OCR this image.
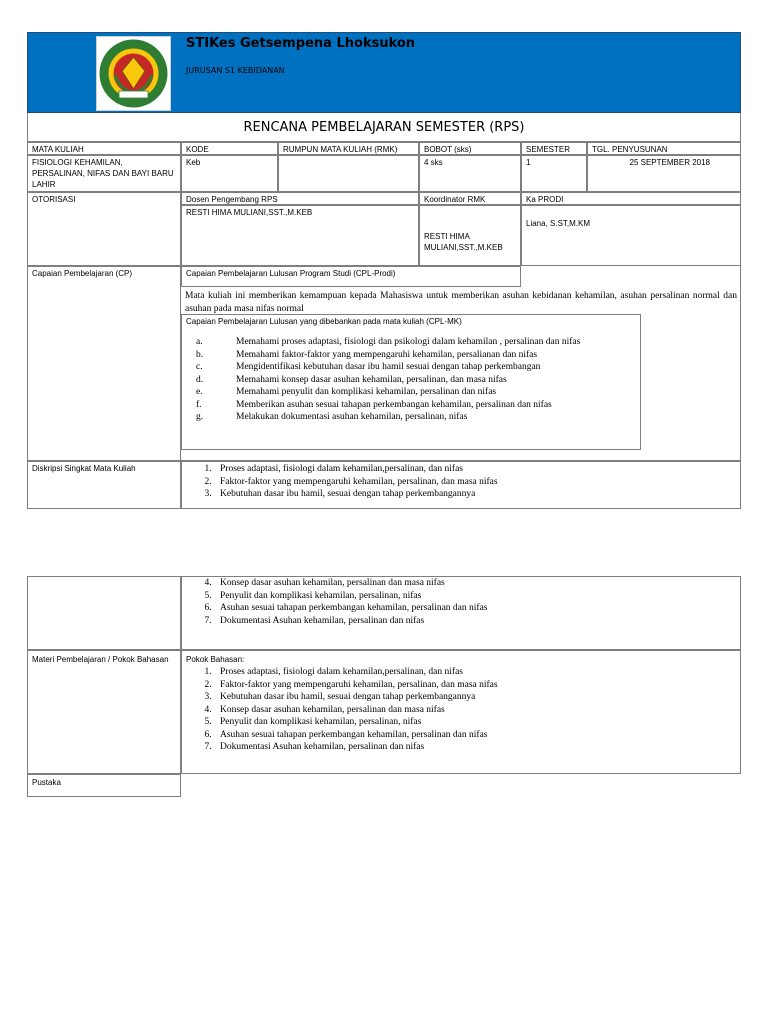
STIKes Getsempena Lhoksukon
JURUSAN S1 KEBIDANAN
RENCANA PEMBELAJARAN SEMESTER (RPS)
MATA KULIAH	KODE	RUMPUN MATA KULIAH (RMK)	BOBOT (sks)	SEMESTER	TGL. PENYUSUNAN
FISIOLOGI KEHAMILAN, PERSALINAN, NIFAS DAN BAYI BARU LAHIR
Keb	4 sks	1	25 SEPTEMBER 2018
OTORISASI	Dosen Pengembang RPS	Koordinator RMK	Ka PRODI
RESTI HIMA MULIANI,SST.,M.KEB
RESTI HIMA MULIANI,SST.,M.KEB
Liana, S.ST,M.KM
Capaian Pembelajaran (CP)	Capaian Pembelajaran Lulusan Program Studi (CPL-Prodi)
Mata kuliah ini memberikan kemampuan kepada Mahasiswa untuk memberikan asuhan kebidanan kehamilan, asuhan persalinan normal dan asuhan pada masa nifas normal
Capaian Pembelajaran Lulusan yang dibebankan pada mata kuliah (CPL-MK)
a.	Memahami proses adaptasi, fisiologi dan psikologi dalam kehamilan , persalinan dan nifas
b.	Memahami faktor-faktor yang mempengaruhi kehamilan, persalianan dan nifas
c.	Mengidentifikasi kebutuhan dasar ibu hamil sesuai dengan tahap perkembangan
d.	Memahami konsep dasar asuhan kehamilan, persalinan, dan masa nifas
e.	Memahami penyulit dan komplikasi kehamilan, persalinan dan nifas
f.	Memberikan asuhan sesuai tahapan perkembangan kehamilan, persalinan dan nifas
g.	Melakukan dokumentasi asuhan kehamilan, persalinan, nifas
Diskripsi Singkat Mata Kuliah
1.	Proses adaptasi, fisiologi dalam kehamilan,persalinan, dan nifas
2. Faktor-faktor yang mempengaruhi kehamilan, persalinan, dan masa nifas
3. Kebutuhan dasar ibu hamil, sesuai dengan tahap perkembangannya
4. Konsep dasar asuhan kehamilan, persalinan dan masa nifas
5. Penyulit dan komplikasi kehamilan, persalinan, nifas
6. Asuhan sesuai tahapan perkembangan kehamilan, persalinan dan nifas
7. Dokumentasi Asuhan kehamilan, persalinan dan nifas
Materi Pembelajaran / Pokok Bahasan	Pokok Bahasan:
1. Proses adaptasi, fisiologi dalam kehamilan,persalinan, dan nifas
2. Faktor-faktor yang mempengaruhi kehamilan, persalinan, dan masa nifas
3. Kebutuhan dasar ibu hamil, sesuai dengan tahap perkembangannya
4. Konsep dasar asuhan kehamilan, persalinan dan masa nifas
5. Penyulit dan komplikasi kehamilan, persalinan, nifas
6. Asuhan sesuai tahapan perkembangan kehamilan, persalinan dan nifas
7. Dokumentasi Asuhan kehamilan, persalinan dan nifas
Pustaka
